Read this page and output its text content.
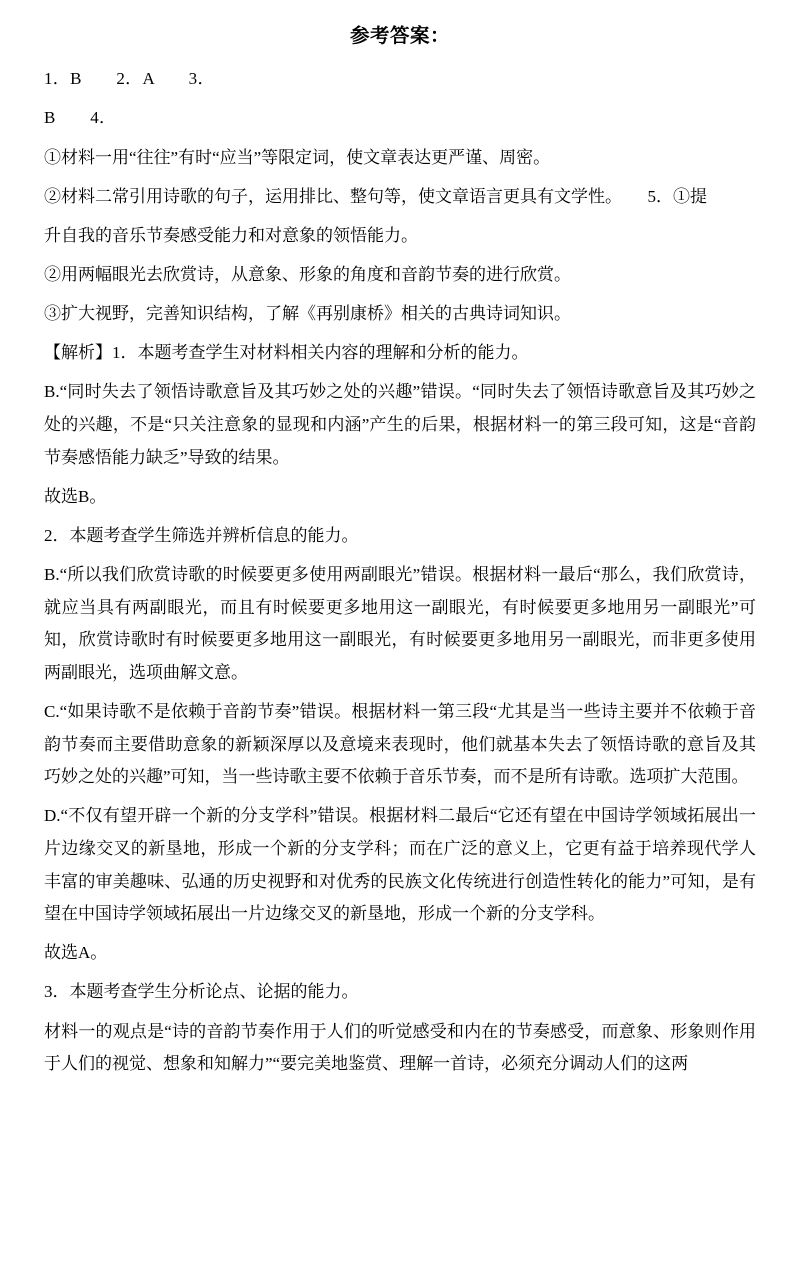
参考答案：

1．B　　2．A　　3．

B　　4．

①材料一用“往往”有时“应当”等限定词，使文章表达更严谨、周密。

②材料二常引用诗歌的句子，运用排比、整句等，使文章语言更具有文学性。　　5．①提

升自我的音乐节奏感受能力和对意象的领悟能力。

②用两幅眼光去欣赏诗，从意象、形象的角度和音韵节奏的进行欣赏。

③扩大视野，完善知识结构，了解《再别康桥》相关的古典诗词知识。

【解析】1．本题考查学生对材料相关内容的理解和分析的能力。

B.“同时失去了领悟诗歌意旨及其巧妙之处的兴趣”错误。“同时失去了领悟诗歌意旨及其巧妙之处的兴趣，不是“只关注意象的显现和内涵”产生的后果，根据材料一的第三段可知，这是“音韵节奏感悟能力缺乏”导致的结果。

故选B。

2．本题考查学生筛选并辨析信息的能力。

B.“所以我们欣赏诗歌的时候要更多使用两副眼光”错误。根据材料一最后“那么，我们欣赏诗，就应当具有两副眼光，而且有时候要更多地用这一副眼光，有时候要更多地用另一副眼光”可知，欣赏诗歌时有时候要更多地用这一副眼光，有时候要更多地用另一副眼光，而非更多使用两副眼光，选项曲解文意。

C.“如果诗歌不是依赖于音韵节奏”错误。根据材料一第三段“尤其是当一些诗主要并不依赖于音韵节奏而主要借助意象的新颖深厚以及意境来表现时，他们就基本失去了领悟诗歌的意旨及其巧妙之处的兴趣”可知，当一些诗歌主要不依赖于音乐节奏，而不是所有诗歌。选项扩大范围。

D.“不仅有望开辟一个新的分支学科”错误。根据材料二最后“它还有望在中国诗学领域拓展出一片边缘交叉的新垦地，形成一个新的分支学科；而在广泛的意义上，它更有益于培养现代学人丰富的审美趣味、弘通的历史视野和对优秀的民族文化传统进行创造性转化的能力”可知，是有望在中国诗学领域拓展出一片边缘交叉的新垦地，形成一个新的分支学科。

故选A。

3．本题考查学生分析论点、论据的能力。

材料一的观点是“诗的音韵节奏作用于人们的听觉感受和内在的节奏感受，而意象、形象则作用于人们的视觉、想象和知解力”“要完美地鉴赏、理解一首诗，必须充分调动人们的这两
